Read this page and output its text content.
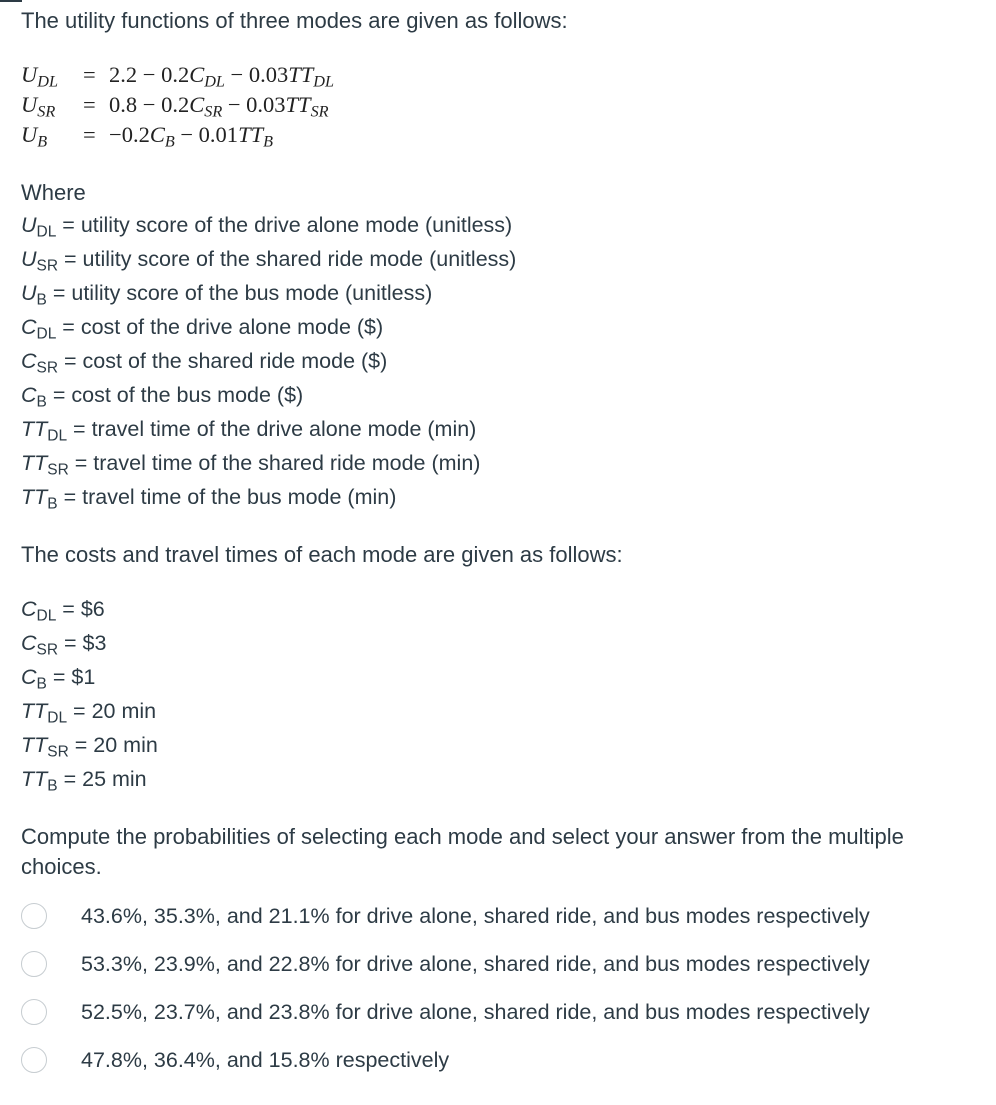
The utility functions of three modes are given as follows:
$U_{DL}$	= $2.2 - 0.2C_{DL} - 0.03TT_{DL}$
$U_{SR}$	= $0.8 - 0.2C_{SR} - 0.03TT_{SR}$
$U_B$	= $-0.2C_B - 0.01TT_B$
Where
$U_{DL}$ = utility score of the drive alone mode (unitless)
$U_{SR}$ = utility score of the shared ride mode (unitless)
$U_B$ = utility score of the bus mode (unitless)
$C_{DL} = \cos t$ of the drive alone mode ($)
$C_{SR} = \cos t$ of the shared ride mode ($)
$C_B = \cos t$ of the bus mode ($)
$TT_{DL}$ = travel time of the drive alone mode (min)
$TT_{SR}$ = travel time of the shared ride mode (min)
$TT_B$ = travel time of the bus mode (min)
The costs and travel times of each mode are given as follows:
$C_{DL}$ = $6
$C_{SR}$ = $3
$C_B$ = $1
$TT_{DL} = 20$ min
$TT_{SR} = 20$ min
$TT_B = 25$ min
Compute the probabilities of selecting each mode and select your answer from the multiple choices.
43.6%, 35.3%, and 21.1% for drive alone, shared ride, and bus modes respectively
53.3%, 23.9%, and 22.8% for drive alone, shared ride, and bus modes respectively
52.5%, 23.7%, and 23.8% for drive alone, shared ride, and bus modes respectively
47.8%, 36.4%, and 15.8% respectively
